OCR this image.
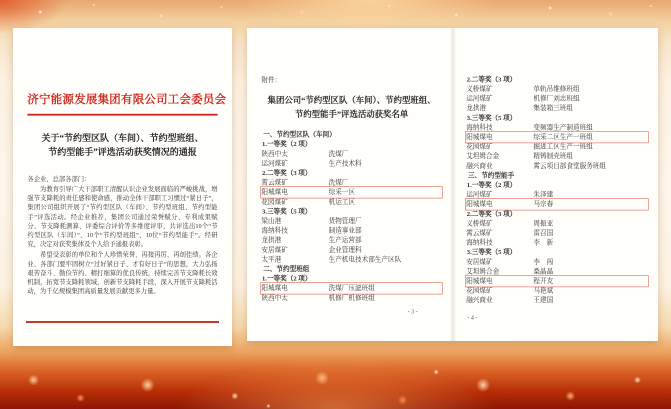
济宁能源发展集团有限公司工会委员会
关于“节约型区队（车间）、节约型班组、
节约型能手”评选活动获奖情况的通报
各企业、总部各部门：

为教育引导广大干部职工清醒认识企业发展面临的严峻挑战，增强节支降耗的责任感和使命感，推动全体干部职工习惯过“紧日子”，集团公司组织开展了“节约型区队（车间）、节约型班组、节约型能手”评选活动。经企业推荐，集团公司通过荣誉赋分、专利成果赋分、节支降耗测算、评委综合评价等多维度评审，共评选出10个“节约型区队（车间）”、10个“节约型班组”、10位“节约型能手”。经研究，决定对获奖集体及个人给予通报表彰。

希望受表彰的单位和个人珍惜荣誉、再接再厉、再创佳绩。各企业、各部门要牢固树立“过好紧日子、才有好日子”的思想，大力弘扬艰苦奋斗、勤俭节约、精打细算的优良传统，持续完善节支降耗长效机制，拓宽节支降耗领域，创新节支降耗手段，深入开展节支降耗活动，为千亿规模集团高质量发展贡献更多力量。

附件：
集团公司“节约型区队（车间）、节约型班组、
节约型能手”评选活动获奖名单
一、节约型区队（车间）
1.一等奖（2 项）
陕西中太	洗煤厂
运河煤矿	生产技术科
2.二等奖（3 项）
霄云煤矿	洗煤厂
阳城煤电	综采一区
花园煤矿	机运工区
3.三等奖（5 项）
梁山港	货物管理厂
海纳科技	制造事业部
龙拱港	生产运营部
安居煤矿	企业管理科
太平港	生产机电技术部生产区队
二、节约型班组
1.一等奖（2 项）
阳城煤电	洗煤厂压滤班组
陕西中太	机修厂机修班组
- 3 -
2.二等奖（3 项）
义桥煤矿	单轨吊维修班组
运河煤矿	机修厂刘志班组
龙拱港	集装箱三班组
3.三等奖（5 项）
海纳科技	变频器生产制造班组
阳城煤电	综采二区生产一班组
花园煤矿	掘进工区生产一班组
艾坦姆合金	精铸制壳班组
融兴商业	霄云项目部食堂服务班组
三、节约型能手
1.一等奖（2 项）
运河煤矿	朱泽建
阳城煤电	马宗春
2.二等奖（3 项）
义桥煤矿	周振亚
霄云煤矿	雷召国
海纳科技	李　新
3.三等奖（5 项）
安居煤矿	李　闯
艾坦姆合金	桑晶晶
阳城煤电	程开友
花园煤矿	马艳斌
融兴商业	王建国
- 4 -
